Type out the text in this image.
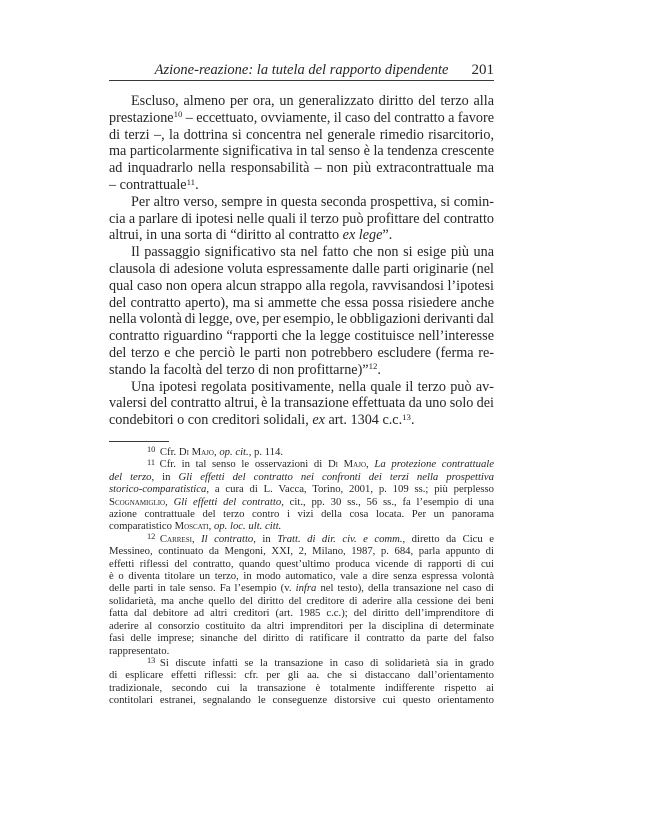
Azione-reazione: la tutela del rapporto dipendente 201
Escluso, almeno per ora, un generalizzato diritto del terzo alla
prestazione$^{10}$ – eccettuato, ovviamente, il caso del contratto a favore
di terzi –, la dottrina si concentra nel generale rimedio risarcitorio,
ma particolarmente significativa in tal senso è la tendenza crescente
ad inquadrarlo nella responsabilità – non più extracontrattuale ma
– contrattuale$^{11}$.
Per altro verso, sempre in questa seconda prospettiva, si comin-
cia a parlare di ipotesi nelle quali il terzo può profittare del contratto
altrui, in una sorta di “diritto al contratto ex lege”.
Il passaggio significativo sta nel fatto che non si esige più una
clausola di adesione voluta espressamente dalle parti originarie (nel
qual caso non opera alcun strappo alla regola, ravvisandosi l’ipotesi
del contratto aperto), ma si ammette che essa possa risiedere anche
nella volontà di legge, ove, per esempio, le obbligazioni derivanti dal
contratto riguardino “rapporti che la legge costituisce nell’interesse
del terzo e che perciò le parti non potrebbero escludere (ferma re-
stando la facoltà del terzo di non profittarne)”$^{12}$.
Una ipotesi regolata positivamente, nella quale il terzo può av-
valersi del contratto altrui, è la transazione effettuata da uno solo dei
condebitori o con creditori solidali, ex art. 1304 c.c.$^{13}$.
$^{10}$ Cfr. Di Majo, op. cit., p. 114.
$^{11}$ Cfr. in tal senso le osservazioni di Di Majo, La protezione contrattuale
del terzo, in Gli effetti del contratto nei confronti dei terzi nella prospettiva
storico-comparatistica, a cura di L. Vacca, Torino, 2001, p. 109 ss.; più perplesso
Scognamiglio, Gli effetti del contratto, cit., pp. 30 ss., 56 ss., fa l’esempio di una
azione contrattuale del terzo contro i vizi della cosa locata. Per un panorama
comparatistico Moscati, op. loc. ult. citt.
$^{12}$ Carresi, Il contratto, in Tratt. di dir. civ. e comm., diretto da Cicu e
Messineo, continuato da Mengoni, XXI, 2, Milano, 1987, p. 684, parla appunto di
effetti riflessi del contratto, quando quest’ultimo produca vicende di rapporti di cui
è o diventa titolare un terzo, in modo automatico, vale a dire senza espressa volontà
delle parti in tale senso. Fa l’esempio (v. infra nel testo), della transazione nel caso di
solidarietà, ma anche quello del diritto del creditore di aderire alla cessione dei beni
fatta dal debitore ad altri creditori (art. 1985 c.c.); del diritto dell’imprenditore di
aderire al consorzio costituito da altri imprenditori per la disciplina di determinate
fasi delle imprese; sinanche del diritto di ratificare il contratto da parte del falso
rappresentato.
$^{13}$ Si discute infatti se la transazione in caso di solidarietà sia in grado
di esplicare effetti riflessi: cfr. per gli aa. che si distaccano dall’orientamento
tradizionale, secondo cui la transazione è totalmente indifferente rispetto ai
contitolari estranei, segnalando le conseguenze distorsive cui questo orientamento
